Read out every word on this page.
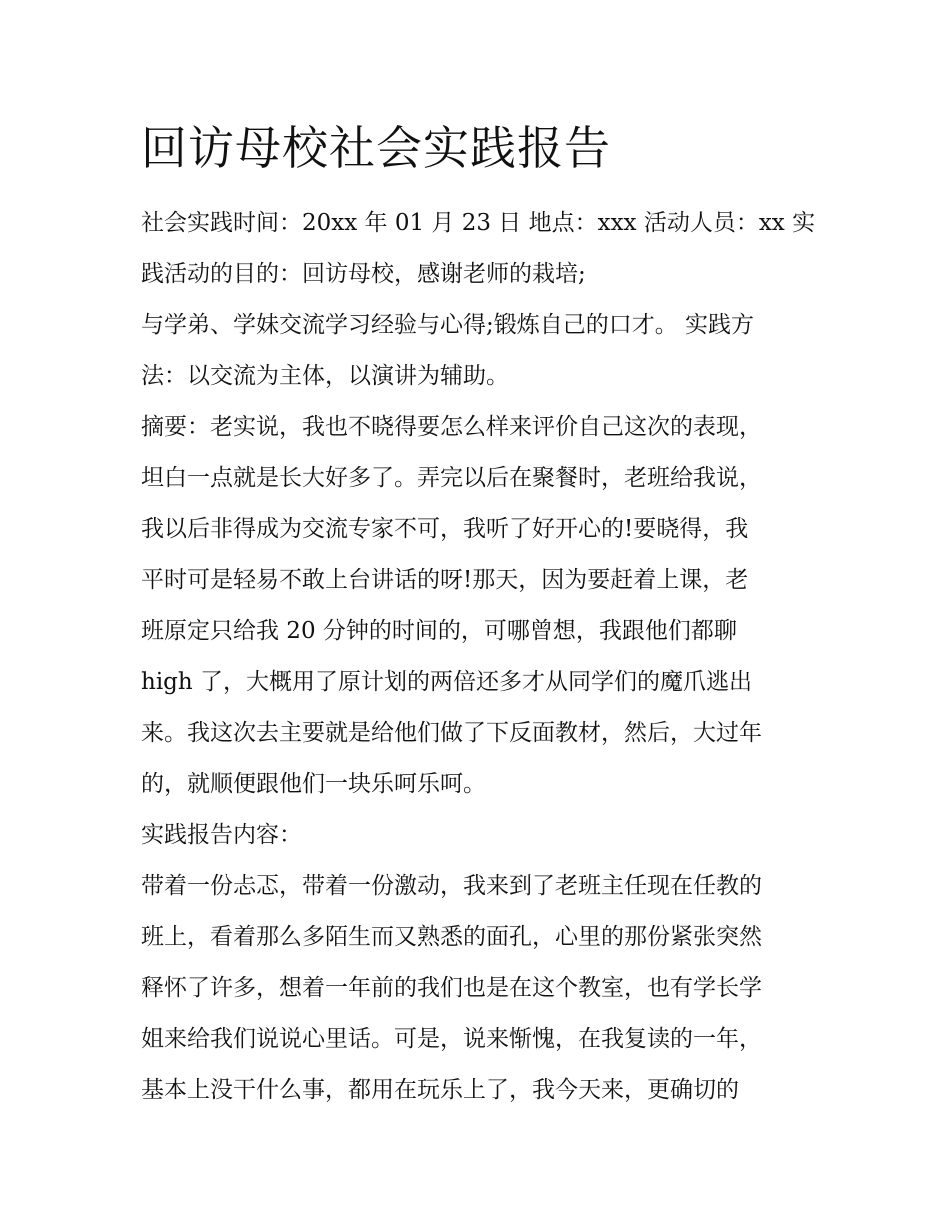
回访母校社会实践报告
社会实践时间：20xx 年 01 月 23 日 地点：xxx 活动人员：xx 实
践活动的目的：回访母校，感谢老师的栽培;
与学弟、学妹交流学习经验与心得;锻炼自己的口才。 实践方
法：以交流为主体，以演讲为辅助。
摘要：老实说，我也不晓得要怎么样来评价自己这次的表现，
坦白一点就是长大好多了。弄完以后在聚餐时，老班给我说，
我以后非得成为交流专家不可，我听了好开心的!要晓得，我
平时可是轻易不敢上台讲话的呀!那天，因为要赶着上课，老
班原定只给我 20 分钟的时间的，可哪曾想，我跟他们都聊
high 了，大概用了原计划的两倍还多才从同学们的魔爪逃出
来。我这次去主要就是给他们做了下反面教材，然后，大过年
的，就顺便跟他们一块乐呵乐呵。
实践报告内容：
带着一份忐忑，带着一份激动，我来到了老班主任现在任教的
班上，看着那么多陌生而又熟悉的面孔，心里的那份紧张突然
释怀了许多，想着一年前的我们也是在这个教室，也有学长学
姐来给我们说说心里话。可是，说来惭愧，在我复读的一年，
基本上没干什么事，都用在玩乐上了，我今天来，更确切的
